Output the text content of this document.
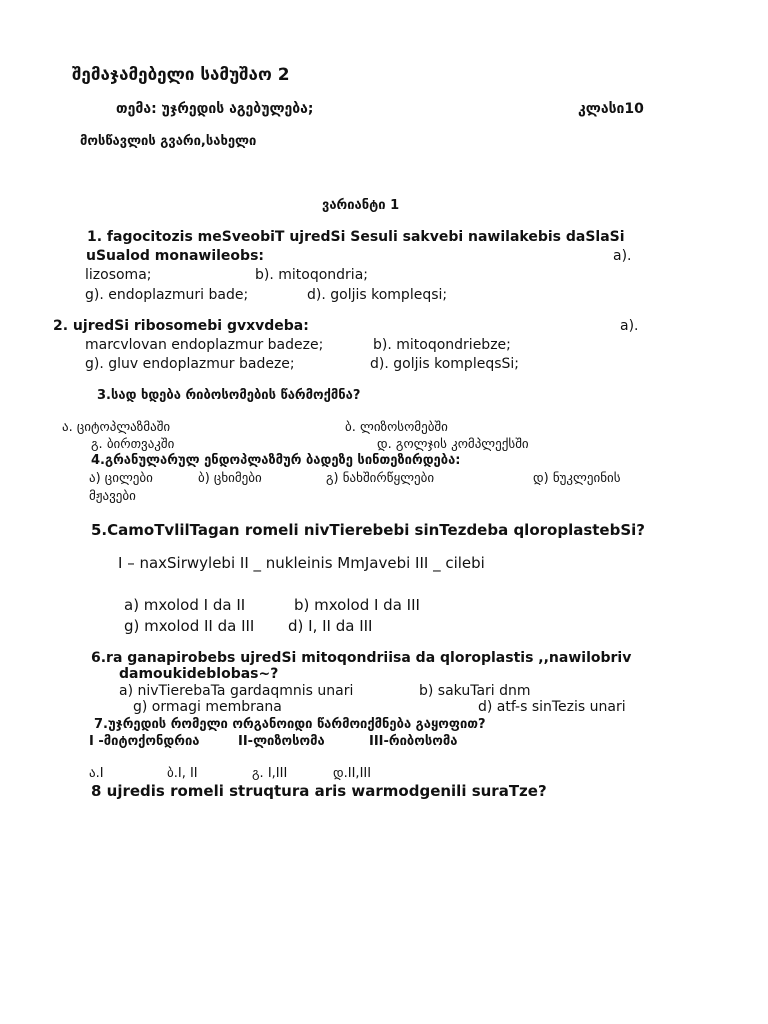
შემაჯამებელი სამუშაო 2
თემა: უჯრედის აგებულება;	კლასი10
მოსწავლის გვარი,სახელი
ვარიანტი 1
1. fagocitozis meSveobiT ujredSi Sesuli sakvebi nawilakebis daSlaSi
uSualod monawileobs:	a).
lizosoma;	b). mitoqondria;
g). endoplazmuri bade;	d). goljis kompleqsi;
2. ujredSi ribosomebi gvxvdeba:	a).
marcvlovan endoplazmur badeze;	b). mitoqondriebze;
g). gluv endoplazmur badeze;	d). goljis kompleqsSi;
3.სად ხდება რიბოსომების წარმოქმნა?
ა. ციტოპლაზმაში	ბ. ლიზოსომებში
გ. ბირთვაკში	დ. გოლჯის კომპლექსში
4.გრანულარულ ენდოპლაზმურ ბადეზე სინთეზირდება:
ა) ცილები	ბ) ცხიმები	გ) ნახშირწყლები	დ) ნუკლეინის
მჟავები
5.CamoTvlilTagan romeli nivTierebebi sinTezdeba qloroplastebSi?
I – naxSirwylebi II _ nukleinis MmJavebi III _ cilebi
a) mxolod I da II	b) mxolod I da III
g) mxolod II da III d) I, II da III
6.ra ganapirobebs ujredSi mitoqondriisa da qloroplastis ,,nawilobriv
damoukideblobas~?
a) nivTierebaTa gardaqmnis unari	b) sakuTari dnm
g) ormagi membrana	d) atf-s sinTezis unari
7.უჯრედის რომელი ორგანოიდი წარმოიქმნება გაყოფით?
I -მიტოქონდრია	II-ლიზოსომა	III-რიბოსომა
ა.I	ბ.I, II	გ. I,III	დ.II,III
8 ujredis romeli struqtura aris warmodgenili suraTze?
